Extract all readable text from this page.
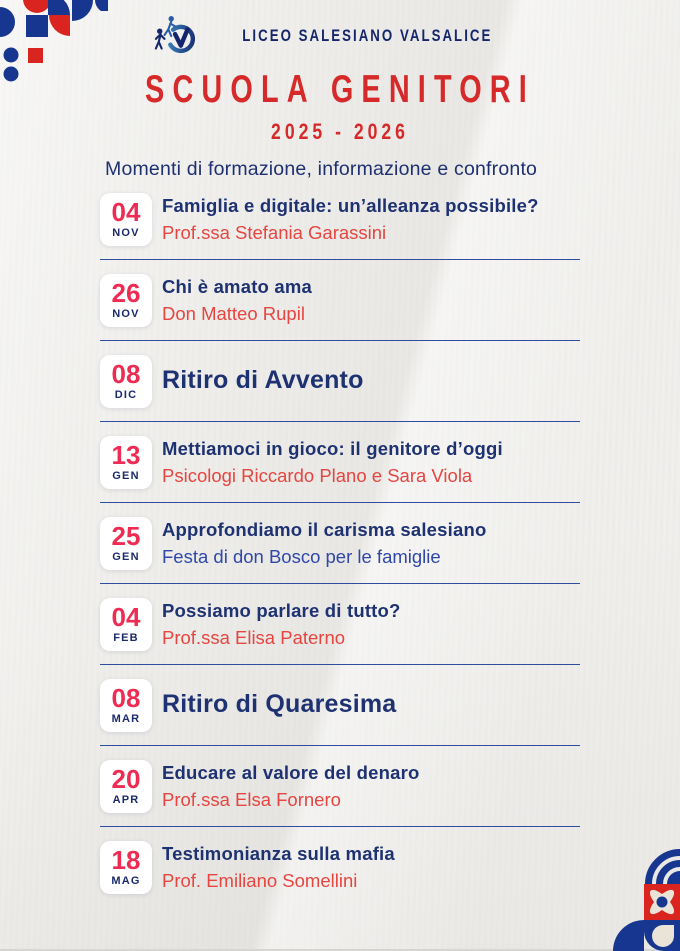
LICEO SALESIANO VALSALICE
SCUOLA GENITORI
2025 - 2026

Momenti di formazione, informazione e confronto

04
NOV
Famiglia e digitale: un’alleanza possibile?
Prof.ssa Stefania Garassini
26
NOV
Chi è amato ama
Don Matteo Rupil
08
DIC
Ritiro di Avvento
13
GEN
Mettiamoci in gioco: il genitore d’oggi
Psicologi Riccardo Plano e Sara Viola
25
GEN
Approfondiamo il carisma salesiano
Festa di don Bosco per le famiglie
04
FEB
Possiamo parlare di tutto?
Prof.ssa Elisa Paterno
08
MAR
Ritiro di Quaresima
20
APR
Educare al valore del denaro
Prof.ssa Elsa Fornero
18
MAG
Testimonianza sulla mafia
Prof. Emiliano Somellini
